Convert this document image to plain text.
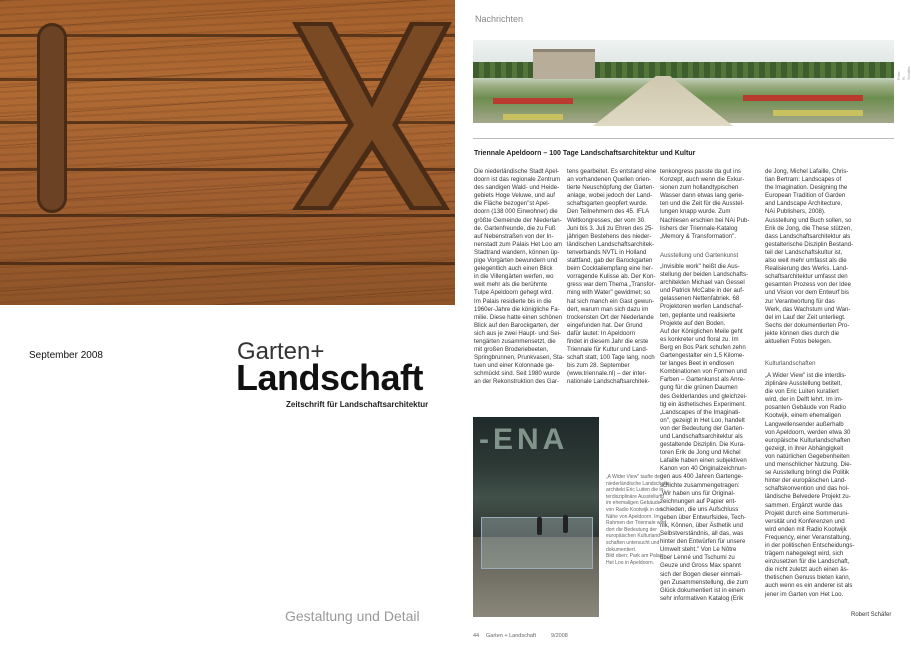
September 2008	Garten+
Landschaft
Zeitschrift für Landschaftsarchitektur
Gestaltung und Detail
Nachrichten
Foto: R. Schäfer
Triennale Apeldoorn – 100 Tage Landschaftsarchitektur und Kultur
Die niederländische Stadt Apel-
doorn ist das regionale Zentrum
des sandigen Wald- und Heide-
gebiets Hoge Veluwe, und auf
die Fläche bezogen"st Apel-
doorn (138 000 Einwohner) die
größte Gemeinde der Niederlan-
de. Gartenfreunde, die zu Fuß
auf Nebenstraßen von der In-
nenstadt zum Palais Het Loo am
Stadtrand wandern, können üp-
pige Vorgärten bewundern und
gelegentlich auch einen Blick
in die Villengärten werfen, wo
weit mehr als die berühmte
Tulpe Apeldoorn gehegt wird.
Im Palais residierte bis in die
1960er-Jahre die königliche Fa-
milie. Diese hatte einen schönen
Blick auf den Barockgarten, der
sich aus je zwei Haupt- und Sei-
tengärten zusammensetzt, die
mit großen Broderiebeeten,
Springbrunnen, Prunkvasen, Sta-
tuen und einer Kolonnade ge-
schmückt sind. Seit 1980 wurde
an der Rekonstruktion des Gar-
tens gearbeitet. Es entstand eine
an vorhandenen Quellen orien-
tierte Neuschöpfung der Garten-
anlage, wobei jedoch der Land-
schaftsgarten geopfert wurde.
Den Teilnehmern des 45. IFLA
Weltkongresses, der vom 30.
Juni bis 3. Juli zu Ehren des 25-
jährigen Bestehens des nieder-
ländischen Landschaftsarchitek-
tenverbands NVTL in Holland
stattfand, gab der Barockgarten
beim Cocktailempfang eine her-
vorragende Kulisse ab. Der Kon-
gress war dem Thema „Transfor-
ming with Water" gewidmet; so
hat sich manch ein Gast gewun-
dert, warum man sich dazu im
trockensten Ort der Niederlande
eingefunden hat. Der Grund
dafür lautet: In Apeldoorn
findet in diesem Jahr die erste
Triennale für Kultur und Land-
schaft statt, 100 Tage lang, noch
bis zum 28. September
(www.triennale.nl) – der inter-
nationale Landschaftsarchitek-
tenkongress passte da gut ins
Konzept, auch wenn die Exkur-
sionen zum hollandtypischen
Wasser dann etwas lang gerie-
ten und die Zeit für die Ausstel-
lungen knapp wurde. Zum
Nachlesen erschien bei NAi Pub-
lishers der Triennale-Katalog
„Memory & Transformation".
Ausstellung und Gartenkunst
„Invisible work" heißt die Aus-
stellung der beiden Landschafts-
architekten Michael van Gessel
und Patrick McCabe in der auf-
gelassenen Nettenfabriek. 68
Projektoren werfen Landschaf-
ten, geplante und realisierte
Projekte auf den Boden.
Auf der Königlichen Meile geht
es konkreter und floral zu. Im
Berg en Bos Park schufen zehn
Gartengestalter ein 1,5 Kilome-
ter langes Beet in endlosen
Kombinationen von Formen und
Farben – Gartenkunst als Anre-
gung für die grünen Daumen
des Gelderlandes und gleichzei-
tig ein ästhetisches Experiment.
„Landscapes of the Imaginati-
on", gezeigt in Het Loo, handelt
von der Bedeutung der Garten-
und Landschaftsarchitektur als
gestaltende Disziplin. Die Kura-
toren Erik de Jong und Michel
Lafaille haben einen subjektiven
Kanon von 40 Originalzeichnun-
gen aus 400 Jahren Gartenge-
schichte zusammengetragen:
„Wir haben uns für Original-
zeichnungen auf Papier ent-
schieden, die uns Aufschluss
geben über Entwurfsidee, Tech-
nik, Können, über Ästhetik und
Selbstverständnis, all das, was
hinter den Entwürfen für unsere
Umwelt steht." Von Le Nôtre
über Lenné und Tschumi zu
Geuze und Gross Max spannt
sich der Bogen dieser einmali-
gen Zusammenstellung, die zum
Glück dokumentiert ist in einem
sehr informativen Katalog (Erik
de Jong, Michel Lafaille, Chris-
tian Bertram: Landscapes of
the Imagination. Designing the
European Tradition of Garden
and Landscape Architecture,
NAi Publishers, 2008).
Ausstellung und Buch sollen, so
Erik de Jong, die These stützen,
dass Landschaftsarchitektur als
gestalterische Disziplin Bestand-
teil der Landschaftskultur ist,
also weit mehr umfasst als die
Realisierung des Werks. Land-
schaftsarchitektur umfasst den
gesamten Prozess von der Idee
und Vision vor dem Entwurf bis
zur Verantwortung für das
Werk, das Wachstum und Wan-
del im Lauf der Zeit unterliegt.
Sechs der dokumentierten Pro-
jekte können dies durch die
aktuellen Fotos belegen.
Kulturlandschaften
„A Wider View" ist die interdis-
ziplinäre Ausstellung betitelt,
die von Eric Luiten kuratiert
wird, der in Delft lehrt. Im im-
posanten Gebäude von Radio
Kootwijk, einem ehemaligen
Langwellensender außerhalb
von Apeldoorn, werden etwa 30
europäische Kulturlandschaften
gezeigt, in ihrer Abhängigkeit
von natürlichen Gegebenheiten
und menschlicher Nutzung. Die-
se Ausstellung bringt die Politik
hinter der europäischen Land-
schaftskonvention und das hol-
ländische Belvedere Projekt zu-
sammen. Ergänzt wurde das
Projekt durch eine Sommeruni-
versität und Konferenzen und
wird enden mit Radio Kootwijk
Frequency, einer Veranstaltung,
in der politischen Entscheidungs-
trägern nahegelegt wird, sich
einzusetzen für die Landschaft,
die nicht zuletzt auch einen äs-
thetischen Genuss bieten kann,
auch wenn es ein anderer ist als
jener im Garten von Het Loo.
-ENA
„A Wider View" taufte der
niederländische Landschafts-
architekt Eric Luiten die in-
terdisziplinäre Ausstellung
im ehemaligen Gebäude
von Radio Kootwijk in der
Nähe von Apeldoorn. Im
Rahmen der Triennale wird
dort die Bedeutung der
europäischen Kulturland-
schaften untersucht und
dokumentiert.
Bild oben: Park am Palais
Het Loo in Apeldoorn.
Robert Schäfer
44 Garten + Landschaft	9/2008
